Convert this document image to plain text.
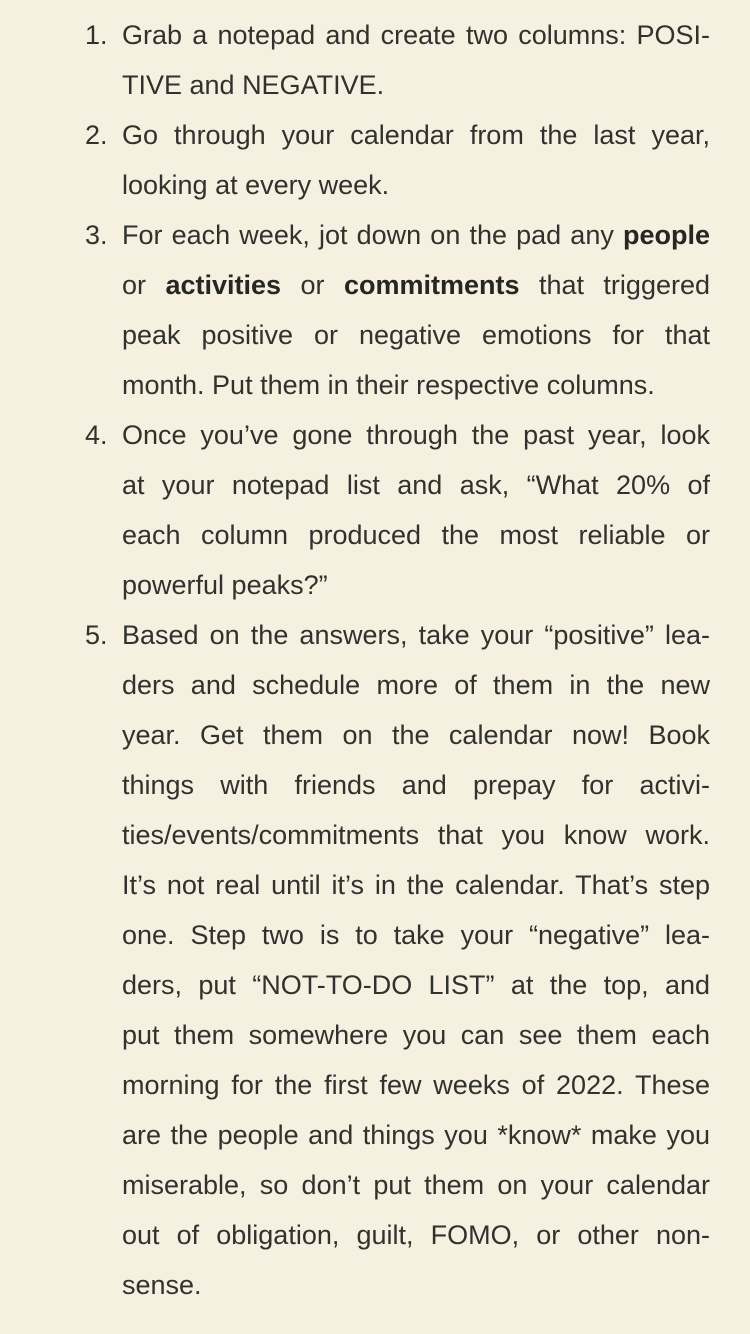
1. Grab a notepad and create two columns: POSI-
TIVE and NEGATIVE.
2. Go through your calendar from the last year,
looking at every week.
3. For each week, jot down on the pad any people
or activities or commitments that triggered
peak positive or negative emotions for that
month. Put them in their respective columns.
4. Once you’ve gone through the past year, look
at your notepad list and ask, “What 20% of
each column produced the most reliable or
powerful peaks?”
5. Based on the answers, take your “positive” lea-
ders and schedule more of them in the new
year. Get them on the calendar now! Book
things with friends and prepay for activi-
ties/events/commitments that you know work.
It’s not real until it’s in the calendar. That’s step
one. Step two is to take your “negative” lea-
ders, put “NOT-TO-DO LIST” at the top, and
put them somewhere you can see them each
morning for the first few weeks of 2022. These
are the people and things you *know* make you
miserable, so don’t put them on your calendar
out of obligation, guilt, FOMO, or other non-
sense.
